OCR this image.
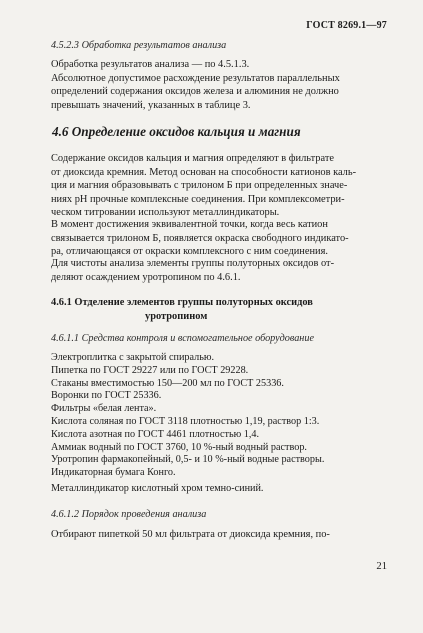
ГОСТ 8269.1—97
4.5.2.3 Обработка результатов анализа
Обработка результатов анализа — по 4.5.1.3.
Абсолютное допустимое расхождение результатов параллельных
определений содержания оксидов железа и алюминия не должно
превышать значений, указанных в таблице 3.
4.6 Определение оксидов кальция и магния
Содержание оксидов кальция и магния определяют в фильтрате
от диоксида кремния. Метод основан на способности катионов каль-
ция и магния образовывать с трилоном Б при определенных значе-
ниях рН прочные комплексные соединения. При комплексометри-
ческом титровании используют металлиндикаторы.
В момент достижения эквивалентной точки, когда весь катион
связывается трилоном Б, появляется окраска свободного индикато-
ра, отличающаяся от окраски комплексного с ним соединения.
Для чистоты анализа элементы группы полуторных оксидов от-
деляют осаждением уротропином по 4.6.1.
4.6.1 Отделение элементов группы полуторных оксидов
уротропином
4.6.1.1 Средства контроля и вспомогательное оборудование
Электроплитка с закрытой спиралью.
Пипетка по ГОСТ 29227 или по ГОСТ 29228.
Стаканы вместимостью 150—200 мл по ГОСТ 25336.
Воронки по ГОСТ 25336.
Фильтры «белая лента».
Кислота соляная по ГОСТ 3118 плотностью 1,19, раствор 1:3.
Кислота азотная по ГОСТ 4461 плотностью 1,4.
Аммиак водный по ГОСТ 3760, 10 %-ный водный раствор.
Уротропин фармакопейный, 0,5- и 10 %-ный водные растворы.
Индикаторная бумага Конго.
Металлиндикатор кислотный хром темно-синий.
4.6.1.2 Порядок проведения анализа
Отбирают пипеткой 50 мл фильтрата от диоксида кремния, по-
21
